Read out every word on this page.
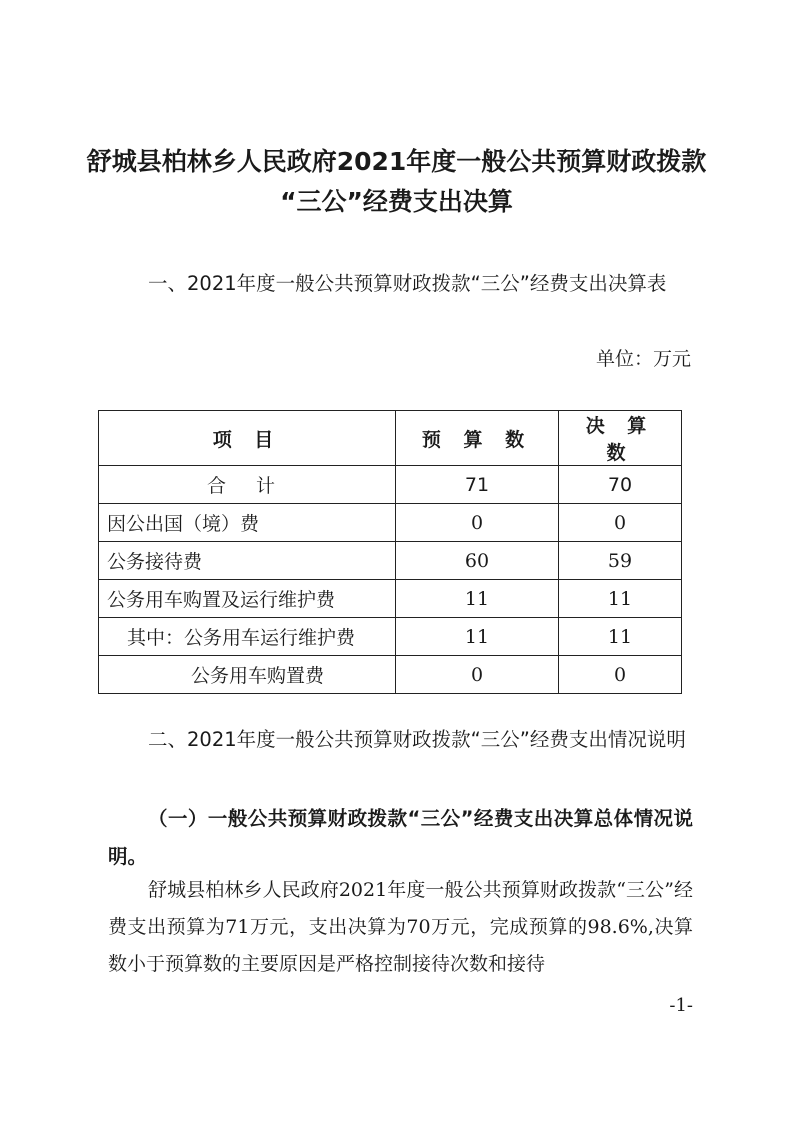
舒城县柏林乡人民政府2021年度一般公共预算财政拨款
“三公”经费支出决算
一、2021年度一般公共预算财政拨款“三公”经费支出决算表
单位：万元
项 目	预 算 数	决 算 数
合 计	71	70
因公出国（境）费	0	0
公务接待费	60	59
公务用车购置及运行维护费	11	11
其中：公务用车运行维护费	11	11
公务用车购置费	0	0
二、2021年度一般公共预算财政拨款“三公”经费支出情况说明
（一）一般公共预算财政拨款“三公”经费支出决算总体情况说明。
舒城县柏林乡人民政府2021年度一般公共预算财政拨款“三公”经费支出预算为71万元，支出决算为70万元，完成预算的98.6%,决算数小于预算数的主要原因是严格控制接待次数和接待
-1-
